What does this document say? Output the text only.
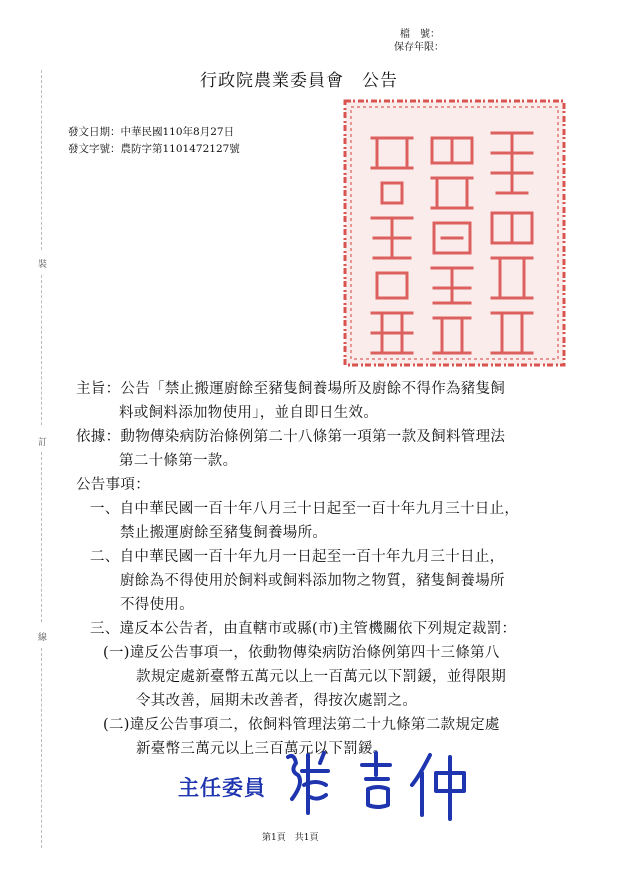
檔　號：
保存年限：
行政院農業委員會　公告
發文日期：中華民國110年8月27日
發文字號：農防字第1101472127號
裝
訂
線
主旨：公告「禁止搬運廚餘至豬隻飼養場所及廚餘不得作為豬隻飼
料或飼料添加物使用」，並自即日生效。
依據：動物傳染病防治條例第二十八條第一項第一款及飼料管理法
第二十條第一款。
公告事項：
一、自中華民國一百十年八月三十日起至一百十年九月三十日止，
禁止搬運廚餘至豬隻飼養場所。
二、自中華民國一百十年九月一日起至一百十年九月三十日止，
廚餘為不得使用於飼料或飼料添加物之物質，豬隻飼養場所
不得使用。
三、違反本公告者，由直轄市或縣(市)主管機關依下列規定裁罰：
(一)違反公告事項一，依動物傳染病防治條例第四十三條第八
款規定處新臺幣五萬元以上一百萬元以下罰鍰，並得限期
令其改善，屆期未改善者，得按次處罰之。
(二)違反公告事項二，依飼料管理法第二十九條第二款規定處
新臺幣三萬元以上三百萬元以下罰鍰。
主任委員
第1頁　共1頁
